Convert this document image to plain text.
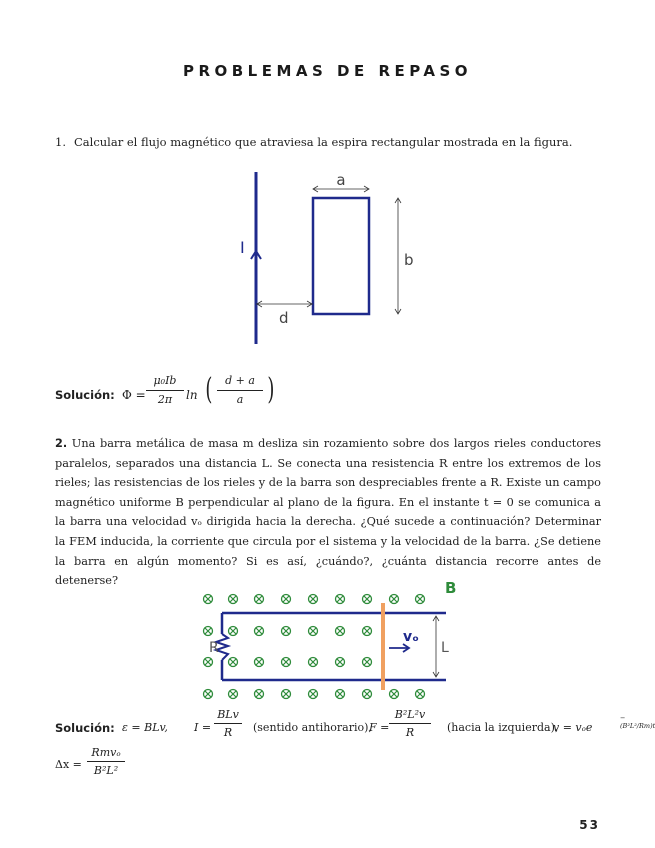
PROBLEMAS DE REPASO
1. Calcular el flujo magnético que atraviesa la espira rectangular mostrada en la figura.
a
b
d
I
Solución: Φ =
μ₀Ib
2π	ln (	d + a
a )
2. Una barra metálica de masa m desliza sin rozamiento sobre dos largos rieles conductores paralelos, separados una distancia L. Se conecta una resistencia R entre los extremos de los rieles; las resistencias de los rieles y de la barra son despreciables frente a R. Existe un campo magnético uniforme B perpendicular al plano de la figura. En el instante t = 0 se comunica a la barra una velocidad vₒ dirigida hacia la derecha. ¿Qué sucede a continuación? Determinar la FEM inducida, la corriente que circula por el sistema y la velocidad de la barra. ¿Se detiene la barra en algún momento? Si es así, ¿cuándo?, ¿cuánta distancia recorre antes de detenerse?	B
R	L
vₒ
Solución: ε = BLv, I =
BLv
R	(sentido antihorario),
F =
B²L²v
R	(hacia la izquierda),
v = vₒe
−(B²L²/Rm)t
Δx =
Rmvₒ
B²L²
53
